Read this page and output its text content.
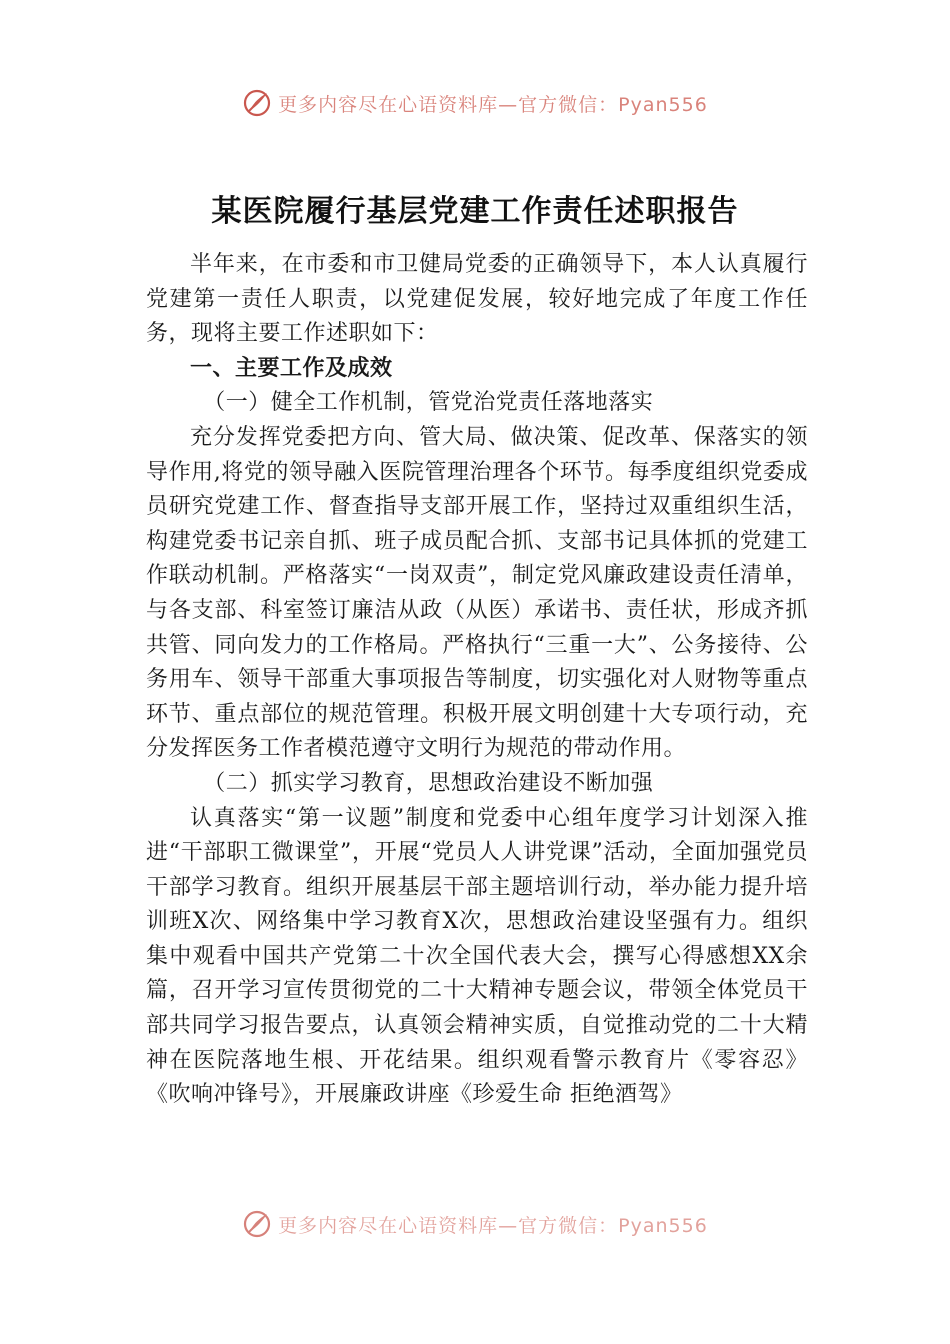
更多内容尽在心语资料库—官方微信：Pyan556
某医院履行基层党建工作责任述职报告

半年来，在市委和市卫健局党委的正确领导下，本人认真履行党建第一责任人职责，以党建促发展，较好地完成了年度工作任务，现将主要工作述职如下：

一、主要工作及成效
（一）健全工作机制，管党治党责任落地落实

充分发挥党委把方向、管大局、做决策、促改革、保落实的领导作用,将党的领导融入医院管理治理各个环节。每季度组织党委成员研究党建工作、督查指导支部开展工作，坚持过双重组织生活，构建党委书记亲自抓、班子成员配合抓、支部书记具体抓的党建工作联动机制。严格落实“一岗双责”，制定党风廉政建设责任清单，与各支部、科室签订廉洁从政（从医）承诺书、责任状，形成齐抓共管、同向发力的工作格局。严格执行“三重一大”、公务接待、公务用车、领导干部重大事项报告等制度，切实强化对人财物等重点环节、重点部位的规范管理。积极开展文明创建十大专项行动，充分发挥医务工作者模范遵守文明行为规范的带动作用。

（二）抓实学习教育，思想政治建设不断加强

认真落实“第一议题”制度和党委中心组年度学习计划深入推进“干部职工微课堂”，开展“党员人人讲党课”活动，全面加强党员干部学习教育。组织开展基层干部主题培训行动，举办能力提升培训班X次、网络集中学习教育X次，思想政治建设坚强有力。组织集中观看中国共产党第二十次全国代表大会，撰写心得感想XX余篇，召开学习宣传贯彻党的二十大精神专题会议，带领全体党员干部共同学习报告要点，认真领会精神实质，自觉推动党的二十大精神在医院落地生根、开花结果。组织观看警示教育片《零容忍》《吹响冲锋号》，开展廉政讲座《珍爱生命 拒绝酒驾》

更多内容尽在心语资料库—官方微信：Pyan556
